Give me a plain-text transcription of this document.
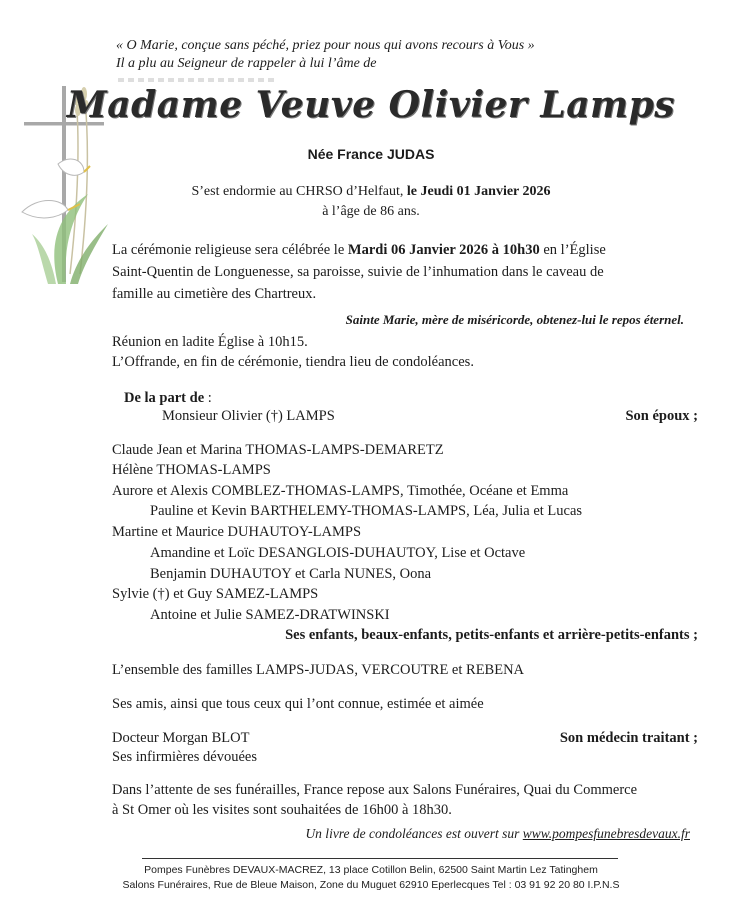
« O Marie, conçue sans péché, priez pour nous qui avons recours à Vous »
Il a plu au Seigneur de rappeler à lui l’âme de
Madame Veuve Olivier Lamps
Née France JUDAS
S’est endormie au CHRSO d’Helfaut, le Jeudi 01 Janvier 2026
à l’âge de 86 ans.
La cérémonie religieuse sera célébrée le Mardi 06 Janvier 2026 à 10h30 en l’Église
Saint-Quentin de Longuenesse, sa paroisse, suivie de l’inhumation dans le caveau de
famille au cimetière des Chartreux.
Sainte Marie, mère de miséricorde, obtenez-lui le repos éternel.
Réunion en ladite Église à 10h15.
L’Offrande, en fin de cérémonie, tiendra lieu de condoléances.
De la part de :
Monsieur Olivier (†) LAMPS	Son époux ;
Claude Jean et Marina THOMAS-LAMPS-DEMARETZ
Hélène THOMAS-LAMPS
Aurore et Alexis COMBLEZ-THOMAS-LAMPS, Timothée, Océane et Emma
Pauline et Kevin BARTHELEMY-THOMAS-LAMPS, Léa, Julia et Lucas
Martine et Maurice DUHAUTOY-LAMPS
Amandine et Loïc DESANGLOIS-DUHAUTOY, Lise et Octave
Benjamin DUHAUTOY et Carla NUNES, Oona
Sylvie (†) et Guy SAMEZ-LAMPS
Antoine et Julie SAMEZ-DRATWINSKI
Ses enfants, beaux-enfants, petits-enfants et arrière-petits-enfants ;
L’ensemble des familles LAMPS-JUDAS, VERCOUTRE et REBENA
Ses amis, ainsi que tous ceux qui l’ont connue, estimée et aimée
Docteur Morgan BLOT	Son médecin traitant ;
Ses infirmières dévouées
Dans l’attente de ses funérailles, France repose aux Salons Funéraires, Quai du Commerce
à St Omer où les visites sont souhaitées de 16h00 à 18h30.
Un livre de condoléances est ouvert sur www.pompesfunebresdevaux.fr
Pompes Funèbres DEVAUX-MACREZ, 13 place Cotillon Belin, 62500 Saint Martin Lez Tatinghem
Salons Funéraires, Rue de Bleue Maison, Zone du Muguet 62910 Eperlecques Tel : 03 91 92 20 80 I.P.N.S
